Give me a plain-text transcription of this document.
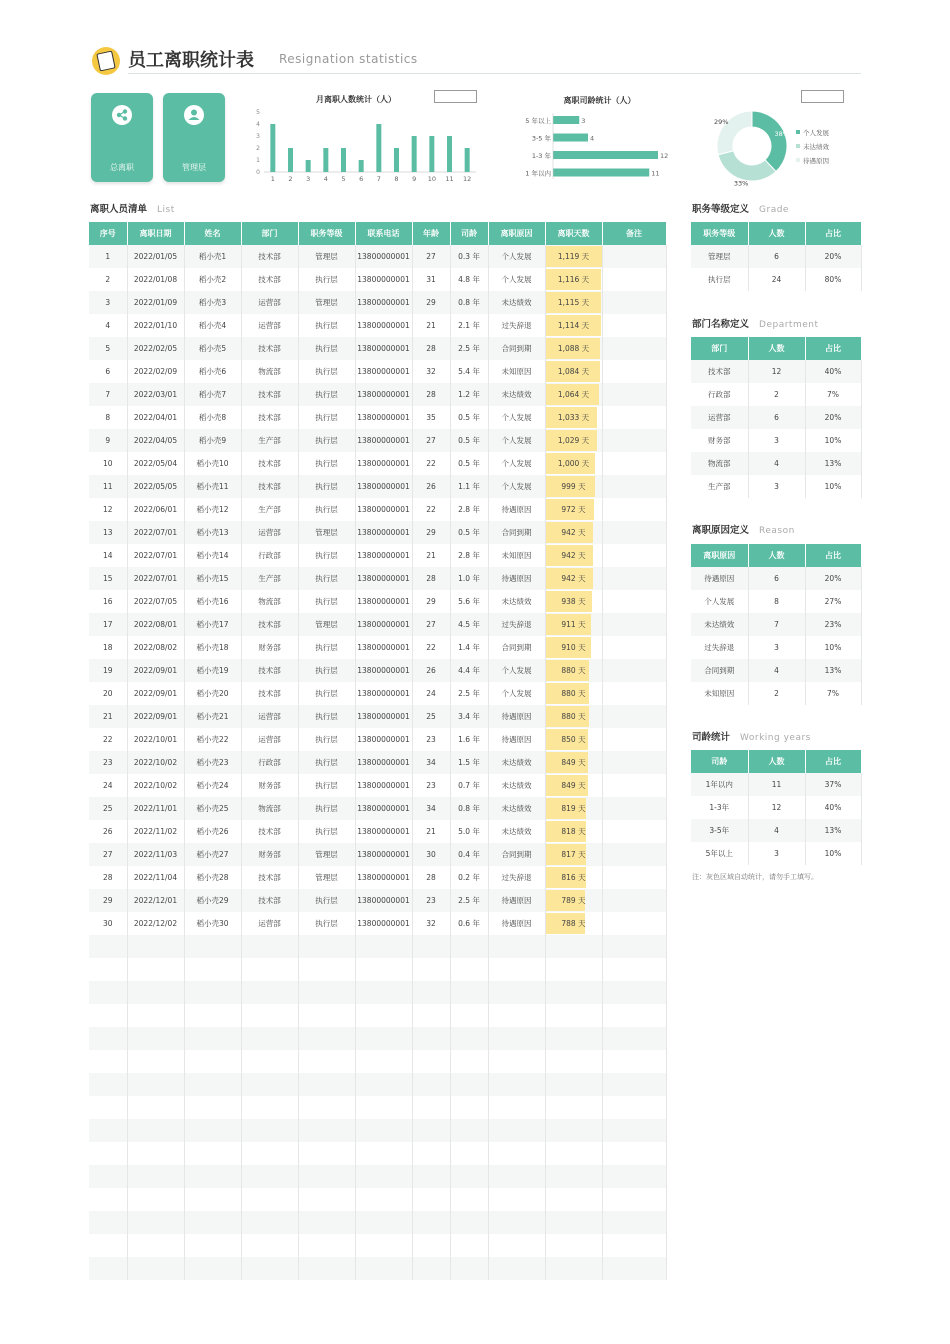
员工离职统计表 Resignation statistics
总离职	管理层
月离职人数统计（人）
0
1
2
3
4
5
1 2 3 4 5 6 7 8 9 10 11 12
离职司龄统计（人）
5 年以上	3
3-5 年	4
1-3 年	12
1 年以内	11
38%
33%
29%
个人发展
未达绩效
待遇原因
离职人员清单 List	职务等级定义 Grade
部门名称定义 Department
离职原因定义 Reason
司龄统计 Working years
序号	离职日期	姓名	部门	职务等级	联系电话	年龄	司龄	离职原因	离职天数	备注
1	2022/01/05	稻小壳1	技术部	管理层	13800000001	27	0.3 年	个人发展	1,119 天	
2	2022/01/08	稻小壳2	技术部	执行层	13800000001	31	4.8 年	个人发展	1,116 天	
3	2022/01/09	稻小壳3	运营部	管理层	13800000001	29	0.8 年	未达绩效	1,115 天	
4	2022/01/10	稻小壳4	运营部	执行层	13800000001	21	2.1 年	过失辞退	1,114 天	
5	2022/02/05	稻小壳5	技术部	执行层	13800000001	28	2.5 年	合同到期	1,088 天	
6	2022/02/09	稻小壳6	物流部	执行层	13800000001	32	5.4 年	未知原因	1,084 天	
7	2022/03/01	稻小壳7	技术部	执行层	13800000001	28	1.2 年	未达绩效	1,064 天	
8	2022/04/01	稻小壳8	技术部	执行层	13800000001	35	0.5 年	个人发展	1,033 天	
9	2022/04/05	稻小壳9	生产部	执行层	13800000001	27	0.5 年	个人发展	1,029 天	
10	2022/05/04	稻小壳10	技术部	执行层	13800000001	22	0.5 年	个人发展	1,000 天	
11	2022/05/05	稻小壳11	技术部	执行层	13800000001	26	1.1 年	个人发展	999 天	
12	2022/06/01	稻小壳12	生产部	执行层	13800000001	22	2.8 年	待遇原因	972 天	
13	2022/07/01	稻小壳13	运营部	管理层	13800000001	29	0.5 年	合同到期	942 天	
14	2022/07/01	稻小壳14	行政部	执行层	13800000001	21	2.8 年	未知原因	942 天	
15	2022/07/01	稻小壳15	生产部	执行层	13800000001	28	1.0 年	待遇原因	942 天	
16	2022/07/05	稻小壳16	物流部	执行层	13800000001	29	5.6 年	未达绩效	938 天	
17	2022/08/01	稻小壳17	技术部	管理层	13800000001	27	4.5 年	过失辞退	911 天	
18	2022/08/02	稻小壳18	财务部	执行层	13800000001	22	1.4 年	合同到期	910 天	
19	2022/09/01	稻小壳19	技术部	执行层	13800000001	26	4.4 年	个人发展	880 天	
20	2022/09/01	稻小壳20	技术部	执行层	13800000001	24	2.5 年	个人发展	880 天	
21	2022/09/01	稻小壳21	运营部	执行层	13800000001	25	3.4 年	待遇原因	880 天	
22	2022/10/01	稻小壳22	运营部	执行层	13800000001	23	1.6 年	待遇原因	850 天	
23	2022/10/02	稻小壳23	行政部	执行层	13800000001	34	1.5 年	未达绩效	849 天	
24	2022/10/02	稻小壳24	财务部	执行层	13800000001	23	0.7 年	未达绩效	849 天	
25	2022/11/01	稻小壳25	物流部	执行层	13800000001	34	0.8 年	未达绩效	819 天	
26	2022/11/02	稻小壳26	技术部	执行层	13800000001	21	5.0 年	未达绩效	818 天	
27	2022/11/03	稻小壳27	财务部	管理层	13800000001	30	0.4 年	合同到期	817 天	
28	2022/11/04	稻小壳28	技术部	管理层	13800000001	28	0.2 年	过失辞退	816 天	
29	2022/12/01	稻小壳29	技术部	执行层	13800000001	23	2.5 年	待遇原因	789 天	
30	2022/12/02	稻小壳30	运营部	执行层	13800000001	32	0.6 年	待遇原因	788 天	

职务等级	人数	占比
管理层	6	20%
执行层	24	80%
部门	人数	占比
技术部	12	40%
行政部	2	7%
运营部	6	20%
财务部	3	10%
物流部	4	13%
生产部	3	10%
离职原因	人数	占比
待遇原因	6	20%
个人发展	8	27%
未达绩效	7	23%
过失辞退	3	10%
合同到期	4	13%
未知原因	2	7%
司龄	人数	占比
1年以内	11	37%
1-3年	12	40%
3-5年	4	13%
5年以上	3	10%
注：灰色区域自动统计，请勿手工填写。
